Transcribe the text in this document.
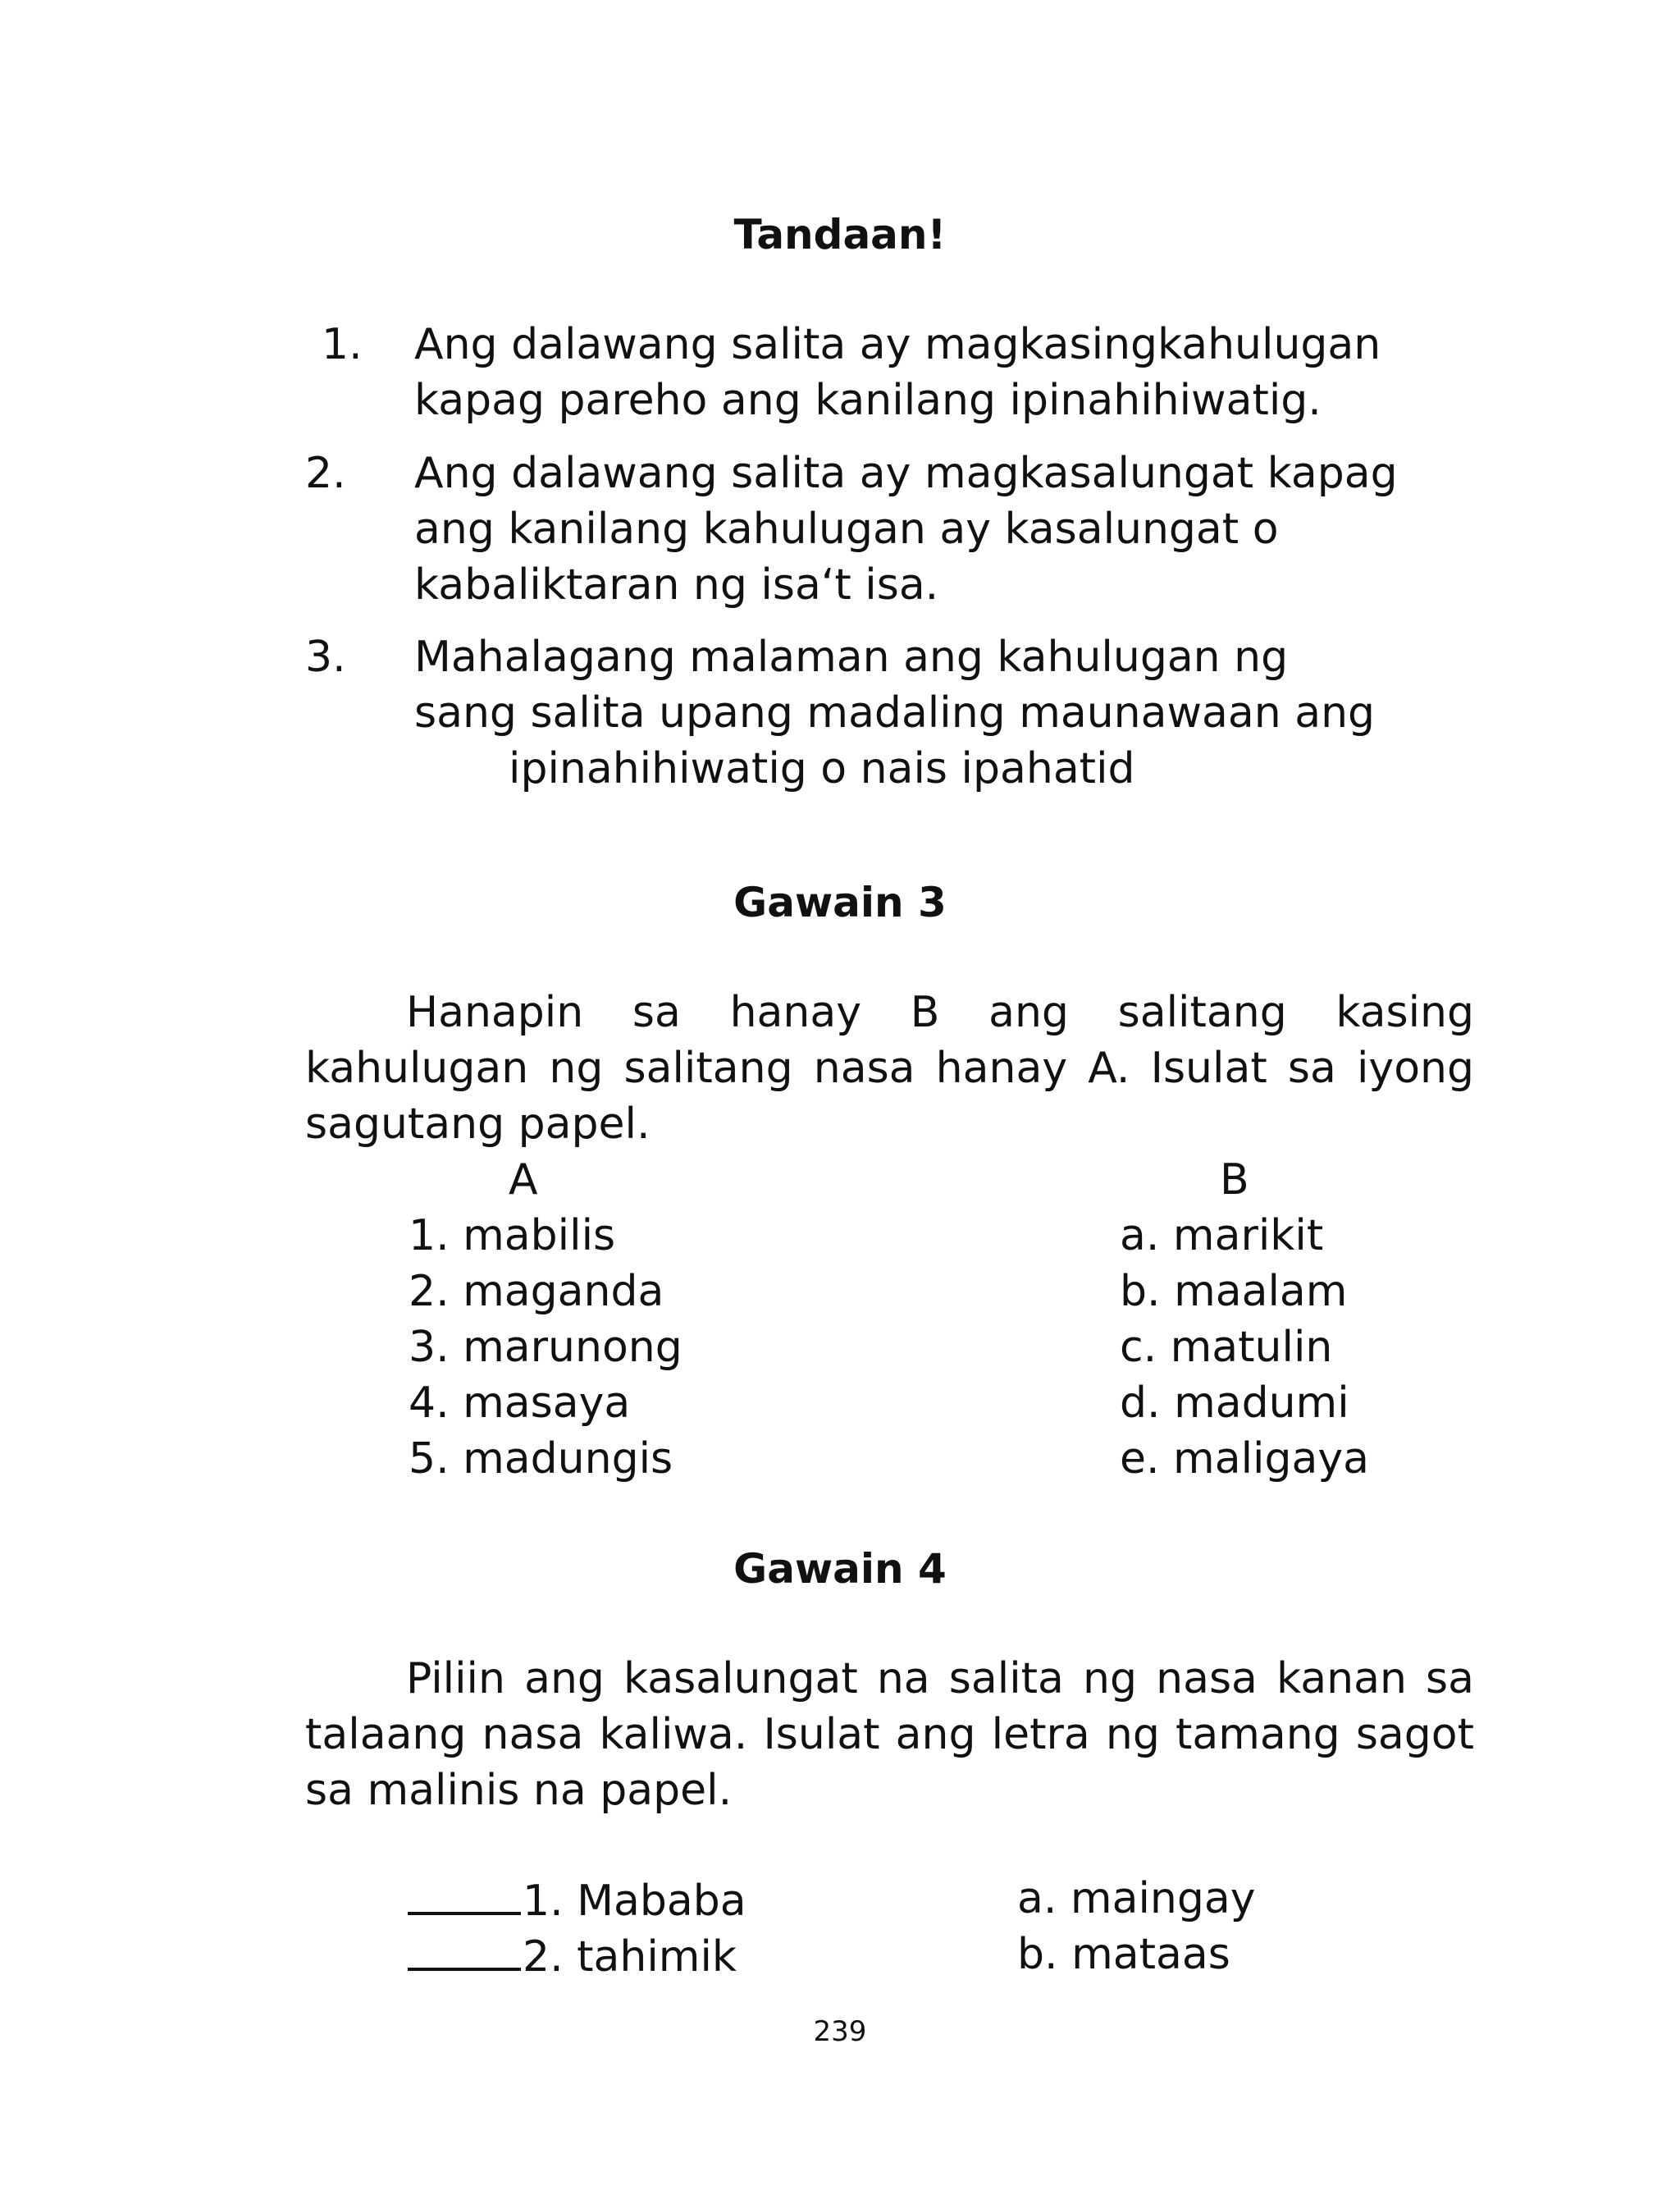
Tandaan!
1. Ang dalawang salita ay magkasingkahulugan
kapag pareho ang kanilang ipinahihiwatig.
2. Ang dalawang salita ay magkasalungat kapag
ang kanilang kahulugan ay kasalungat o
kabaliktaran ng isa‘t isa.
3. Mahalagang malaman ang kahulugan ng
sang salita upang madaling maunawaan ang
ipinahihiwatig o nais ipahatid
Gawain 3
Hanapin sa hanay B ang salitang kasing kahulugan ng salitang nasa hanay A. Isulat sa iyong sagutang papel.
A	B
1. mabilis
2. maganda
3. marunong
4. masaya
5. madungis
a. marikit
b. maalam
c. matulin
d. madumi
e. maligaya
Gawain 4
Piliin ang kasalungat na salita ng nasa kanan sa talaang nasa kaliwa. Isulat ang letra ng tamang sagot sa malinis na papel.
1. Mababa
2. tahimik
a. maingay
b. mataas
239
